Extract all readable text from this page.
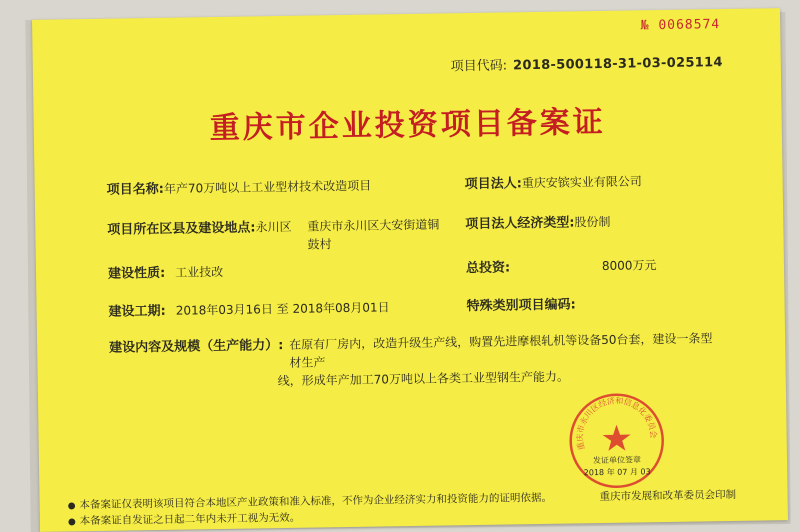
№ 0068574
项目代码: 2018-500118-31-03-025114
重庆市企业投资项目备案证
项目名称:年产70万吨以上工业型材技术改造项目	项目法人:重庆安镔实业有限公司
项目所在区县及建设地点:永川区 重庆市永川区大安街道铜
鼓村
项目法人经济类型:股份制
建设性质: 工业技改	总投资:	8000万元
建设工期: 2018年03月16日 至 2018年08月01日	特殊类别项目编码:
建设内容及规模（生产能力）: 在原有厂房内，改造升级生产线，购置先进摩根轧机等设备50台套，建设一条型材生产
线，形成年产加工70万吨以上各类工业型钢生产能力。
重庆市永川区经济和信息化委员会
发证单位签章
2018 年 07 月 03
● 本备案证仅表明该项目符合本地区产业政策和准入标准，不作为企业经济实力和投资能力的证明依据。
● 本备案证自发证之日起二年内未开工视为无效。
重庆市发展和改革委员会印制
